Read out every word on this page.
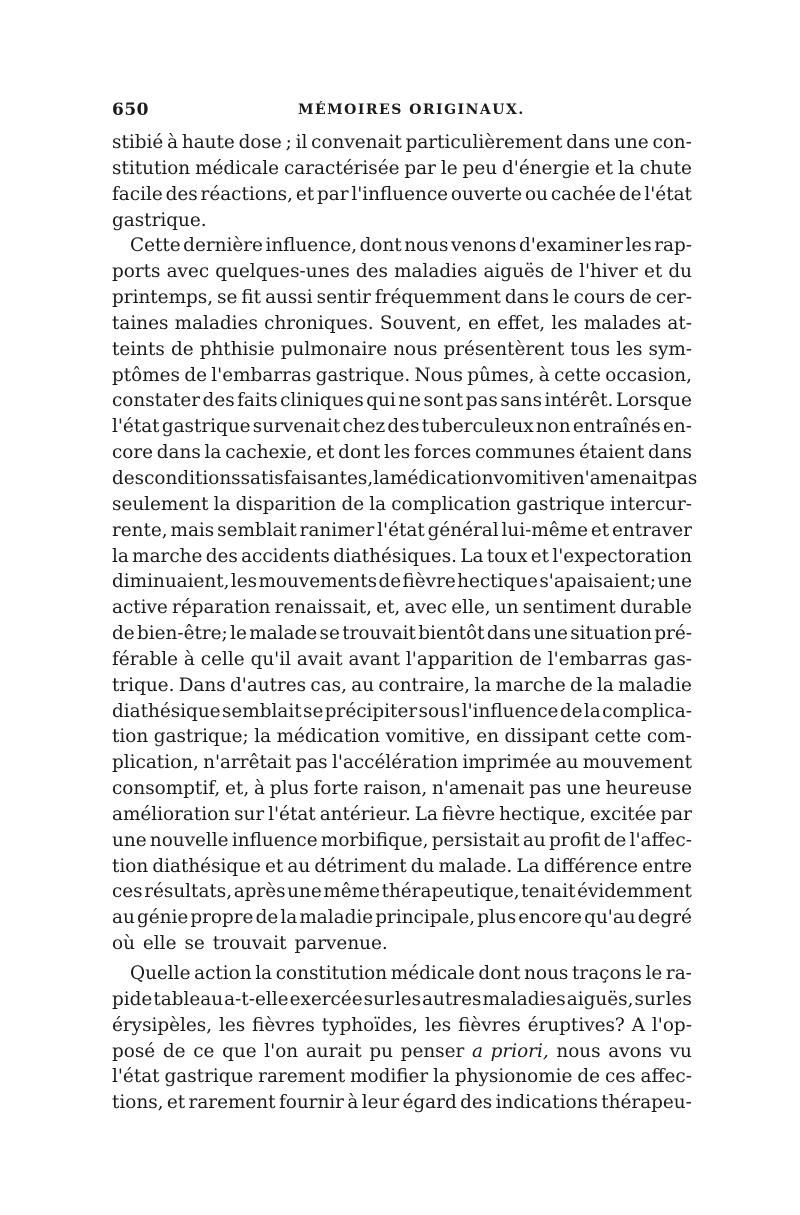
650	MÉMOIRES ORIGINAUX.
stibié à haute dose ; il convenait particulièrement dans une con-
stitution médicale caractérisée par le peu d'énergie et la chute
facile des réactions, et par l'influence ouverte ou cachée de l'état
gastrique.
Cette dernière influence, dont nous venons d'examiner les rap-
ports avec quelques-unes des maladies aiguës de l'hiver et du
printemps, se fit aussi sentir fréquemment dans le cours de cer-
taines maladies chroniques. Souvent, en effet, les malades at-
teints de phthisie pulmonaire nous présentèrent tous les sym-
ptômes de l'embarras gastrique. Nous pûmes, à cette occasion,
constater des faits cliniques qui ne sont pas sans intérêt. Lorsque
l'état gastrique survenait chez des tuberculeux non entraînés en-
core dans la cachexie, et dont les forces communes étaient dans
des conditions satisfaisantes, la médication vomitive n'amenait pas
seulement la disparition de la complication gastrique intercur-
rente, mais semblait ranimer l'état général lui-même et entraver
la marche des accidents diathésiques. La toux et l'expectoration
diminuaient, les mouvements de fièvre hectique s'apaisaient; une
active réparation renaissait, et, avec elle, un sentiment durable
de bien-être; le malade se trouvait bientôt dans une situation pré-
férable à celle qu'il avait avant l'apparition de l'embarras gas-
trique. Dans d'autres cas, au contraire, la marche de la maladie
diathésique semblait se précipiter sous l'influence de la complica-
tion gastrique; la médication vomitive, en dissipant cette com-
plication, n'arrêtait pas l'accélération imprimée au mouvement
consomptif, et, à plus forte raison, n'amenait pas une heureuse
amélioration sur l'état antérieur. La fièvre hectique, excitée par
une nouvelle influence morbifique, persistait au profit de l'affec-
tion diathésique et au détriment du malade. La différence entre
ces résultats, après une même thérapeutique, tenait évidemment
au génie propre de la maladie principale, plus encore qu'au degré
où elle se trouvait parvenue.
Quelle action la constitution médicale dont nous traçons le ra-
pide tableau a-t-elle exercée sur les autres maladies aiguës, sur les
érysipèles, les fièvres typhoïdes, les fièvres éruptives? A l'op-
posé de ce que l'on aurait pu penser a priori, nous avons vu
l'état gastrique rarement modifier la physionomie de ces affec-
tions, et rarement fournir à leur égard des indications thérapeu-
